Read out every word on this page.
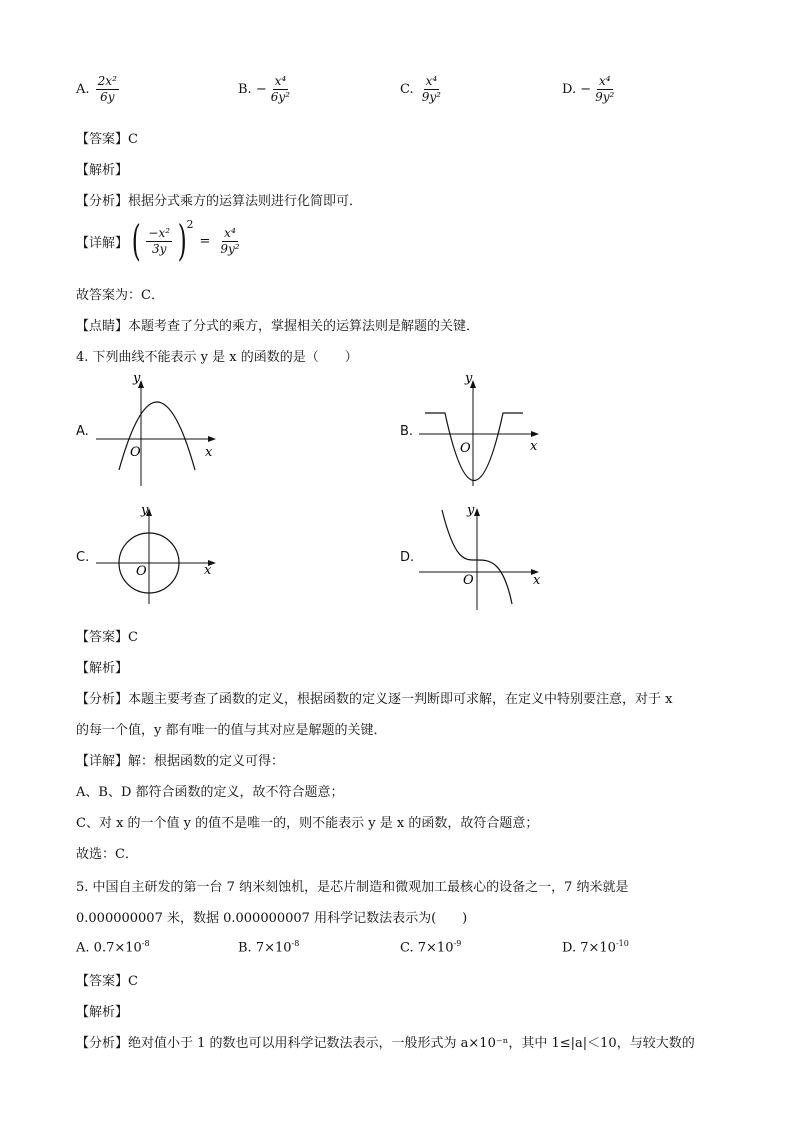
A. $\frac{\text{2x²}}{6y}$	B. − $\frac{\text{x⁴}}{\text{6y²}}$	C. $\frac{\text{x⁴}}{\text{9y²}}$	D. − $\frac{\text{x⁴}}{\text{9y²}}$
【答案】C
【解析】
【分析】根据分式乘方的运算法则进行化简即可．
【详解】 ( $\frac{\text{−x²}}{3y} )^2$
= $\frac{\text{x⁴}}{\text{9y²}}$
故答案为：C．
【点睛】本题考查了分式的乘方，掌握相关的运算法则是解题的关键．
4. 下列曲线不能表示 y 是 x 的函数的是（　　）
A.
y
x
O
B.
y
x
O
C.
y
x
O
D.
y
x
O
【答案】C
【解析】
【分析】本题主要考查了函数的定义，根据函数的定义逐一判断即可求解，在定义中特别要注意，对于 x
的每一个值，y 都有唯一的值与其对应是解题的关键．
【详解】解：根据函数的定义可得：
A、B、D 都符合函数的定义，故不符合题意；
C、对 x 的一个值 y 的值不是唯一的，则不能表示 y 是 x 的函数，故符合题意；
故选：C．
5. 中国自主研发的第一台 7 纳米刻蚀机，是芯片制造和微观加工最核心的设备之一，7 纳米就是
0.000000007 米，数据 0.000000007 用科学记数法表示为(　　)
A. $0.7\times 10^{-8}$	B. $7\times 10^{-8}$	C. $7\times 10^{-9}$	D. $7\times 10^{-10}$
【答案】C
【解析】
【分析】绝对值小于 1 的数也可以用科学记数法表示，一般形式为 a×10⁻ⁿ，其中 1≤|a|＜10，与较大数的
